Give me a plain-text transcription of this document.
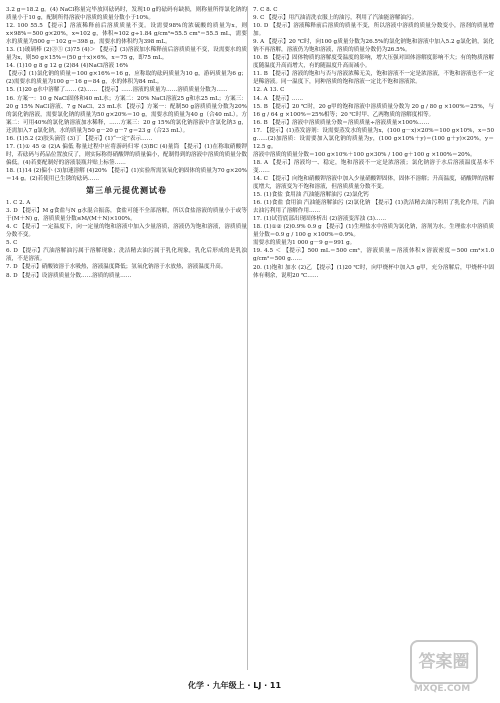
3.2 g＝18.2 g。(4) NaCl称量完毕放回砝码时，发现10 g的砝码有缺损，则称量所得氯化钠的质量小于10 g，配制所得溶液中溶质的质量分数小于10%。

12. 100 55.5 【提示】溶液稀释前后溶质质量不变。设需要98%的浓硫酸的质量为x，则x×98%＝500 g×20%，x≈102 g，体积≈102 g÷1.84 g/cm³≈55.5 cm³＝55.5 mL，需要水的质量为500 g－102 g＝398 g，需要水的体积约为398 mL。

13. (1)玻璃棒 (2)③⑤ (3)75 (4)＞ 【提示】(3)溶液加水稀释前后溶质质量不变，设需要水的质量为x，则50 g×15%＝(50 g＋x)×6%，x＝75 g，即75 mL。

14. (1)10 g 8 g 12 g (2)84 (4)NaCl溶液 16%

【提示】(1)氯化钠的质量＝100 g×16%＝16 g，应称取的砝码质量为10 g，游码质量为6 g；(2)需要水的质量为100 g－16 g＝84 g，水的体积为84 mL。

15. (1)20 g水中溶解了…… (2)…… 【提示】……溶液的质量为……溶质质量分数为……

16. 方案一：10 g NaCl固体和40 mL水；方案二：20% NaCl溶液25 g和水25 mL；方案三：20 g 15% NaCl溶液、7 g NaCl、23 mL水 【提示】方案一：配制50 g溶质质量分数为20%的氯化钠溶液，需要氯化钠的质量为50 g×20%＝10 g，需要水的质量为40 g（合40 mL）。方案二：可用40%的氯化钠溶液加水稀释，……方案三：20 g 15%的氯化钠溶液中含氯化钠3 g，还需加入7 g氯化钠，水的质量为50 g－20 g－7 g＝23 g（合23 mL）。

16. (1)5.2 (2)胶头滴管 (3)丁 【提示】(1)“一定”表示……

17. (1)① 45 ② (2)A 偏低 称量过程中应将游码归零 (3)BC (4)量筒 【提示】(1)在称取硝酸钾时，若砝码与药品位置放反了，则实际称得硝酸钾的质量偏小，配制得到的溶液中溶质的质量分数偏低。(4)若要配制好的溶液装瓶并贴上标签……

18. (1)14 (2)偏小 (3)加速溶解 (4)20% 【提示】(1)实验所需氢氧化钠固体的质量为70 g×20%＝14 g。(2)若使用已生锈的砝码……

第三单元提优测试卷

1. C 2. A

3. D 【提示】M g食盐与N g水混合振荡，食盐可能不全部溶解，所以食盐溶液的质量小于或等于(M＋N) g，溶质质量分数≤M/(M＋N)×100%。

4. C 【提示】一定温度下，向一定量的饱和溶液中加入少量溶质，溶液仍为饱和溶液，溶质质量分数不变。

5. C

6. D 【提示】汽油溶解油污属于溶解现象；洗洁精去油污属于乳化现象，乳化后形成的是乳浊液，不是溶液。

7. D 【提示】硝酸铵溶于水吸热，溶液温度降低；氢氧化钠溶于水放热，溶液温度升高。

8. D 【提示】设溶质质量分数……溶质的质量……

7. C 8. C

9. C 【提示】用汽油清洗衣服上的油污，利用了汽油能溶解油污。

10. D 【提示】溶液稀释前后溶质的质量不变，所以溶液中溶质的质量分数变小，溶剂的质量增加。

9. A 【提示】20 ℃时，向100 g质量分数为26.5%的氯化钠饱和溶液中加入5.2 g氯化钠，氯化钠不再溶解，溶液仍为饱和溶液，溶质的质量分数仍为26.5%。

10. B 【提示】固体物质的溶解度受温度的影响，增大压强对固体溶解度影响不大；有的物质溶解度随温度升高而增大，有的随温度升高而减小。

11. B 【提示】溶液的饱和与否与溶液浓稀无关，饱和溶液不一定是浓溶液，不饱和溶液也不一定是稀溶液。同一温度下，同种溶质的饱和溶液一定比不饱和溶液浓。

12. A 13. C

14. A 【提示】……

15. B 【提示】20 ℃时，20 g甲的饱和溶液中溶质质量分数为 20 g / 80 g ×100%＝25%，与 16 g / 64 g ×100%＝25%相等；20 ℃时甲、乙两物质的溶解度相等。

16. B 【提示】溶液中溶质质量分数＝溶质质量÷溶液质量×100%……

17. 【提示】(1)蒸发溶剂：设需要蒸发水的质量为x，(100 g－x)×20%＝100 g×10%，x＝50 g……(2)加溶质：设需要加入氯化钠的质量为y，(100 g×10%＋y)＝(100 g＋y)×20%，y＝12.5 g。

溶液中溶质的质量分数＝100 g×10%＋100 g×30% / 100 g＋100 g ×100%＝20%。

18. A 【提示】溶液均一、稳定，饱和溶液不一定是浓溶液；氯化钠溶于水后溶液温度基本不变……

14. C 【提示】向饱和硝酸钾溶液中加入少量硝酸钾固体，固体不溶解；升高温度，硝酸钾的溶解度增大，溶液变为不饱和溶液，但溶质质量分数不变。

15. (1)食盐 食用油 汽油能溶解油污 (2)氯化钙

16. (1)食盐 食用油 汽油能溶解油污 (2)氯化钠 【提示】(1)洗洁精去油污利用了乳化作用，汽油去油污利用了溶解作用……

17. (1)试管底部出现固体析出 (2)溶液变浑浊 (3)……

18. (1)①② (2)0.9% 0.9 g 【提示】(1)生理盐水中溶质为氯化钠，溶剂为水。生理盐水中溶质质量分数＝0.9 g / 100 g ×100%＝0.9%。

需要水的质量为1 000 g－9 g＝991 g。

19. 4.5 ＜ 【提示】500 mL＝500 cm³，溶液质量＝溶液体积×溶液密度＝500 cm³×1.0 g/cm³＝500 g……

20. (1)饱和 加水 (2)乙 【提示】(1)20 ℃时，向甲烧杯中加入5 g甲，充分溶解后，甲烧杯中固体有剩余，说明20 ℃……

化学 · 九年级上 · LJ · 11
答案圈
MXQE.COM
